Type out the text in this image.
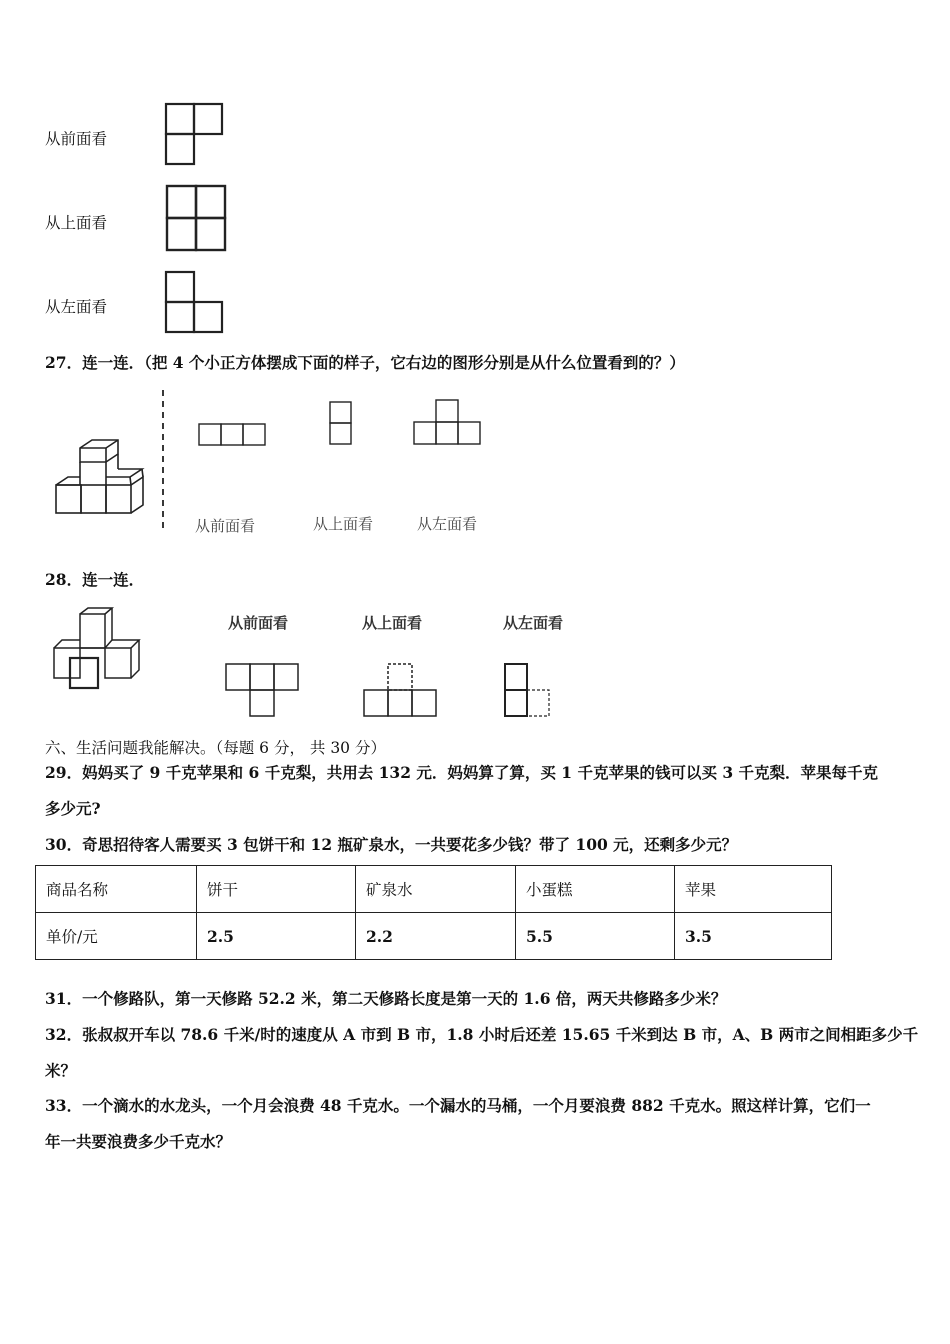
从前面看
从上面看
从左面看
27．连一连．（把 4 个小正方体摆成下面的样子，它右边的图形分别是从什么位置看到的？）
从前面看	从上面看	从左面看
28．连一连．
从前面看	从上面看	从左面看
六、生活问题我能解决。（每题 6 分， 共 30 分）
29．妈妈买了 9 千克苹果和 6 千克梨，共用去 132 元．妈妈算了算，买 1 千克苹果的钱可以买 3 千克梨．苹果每千克
多少元?
30．奇思招待客人需要买 3 包饼干和 12 瓶矿泉水，一共要花多少钱？带了 100 元，还剩多少元？
商品名称	饼干	矿泉水	小蛋糕	苹果
单价/元	2.5	2.2	5.5	3.5
31．一个修路队，第一天修路 52.2 米，第二天修路长度是第一天的 1.6 倍，两天共修路多少米？
32．张叔叔开车以 78.6 千米/时的速度从 A 市到 B 市，1.8 小时后还差 15.65 千米到达 B 市，A、B 两市之间相距多少千
米？
33．一个滴水的水龙头，一个月会浪费 48 千克水。一个漏水的马桶，一个月要浪费 882 千克水。照这样计算，它们一
年一共要浪费多少千克水？
